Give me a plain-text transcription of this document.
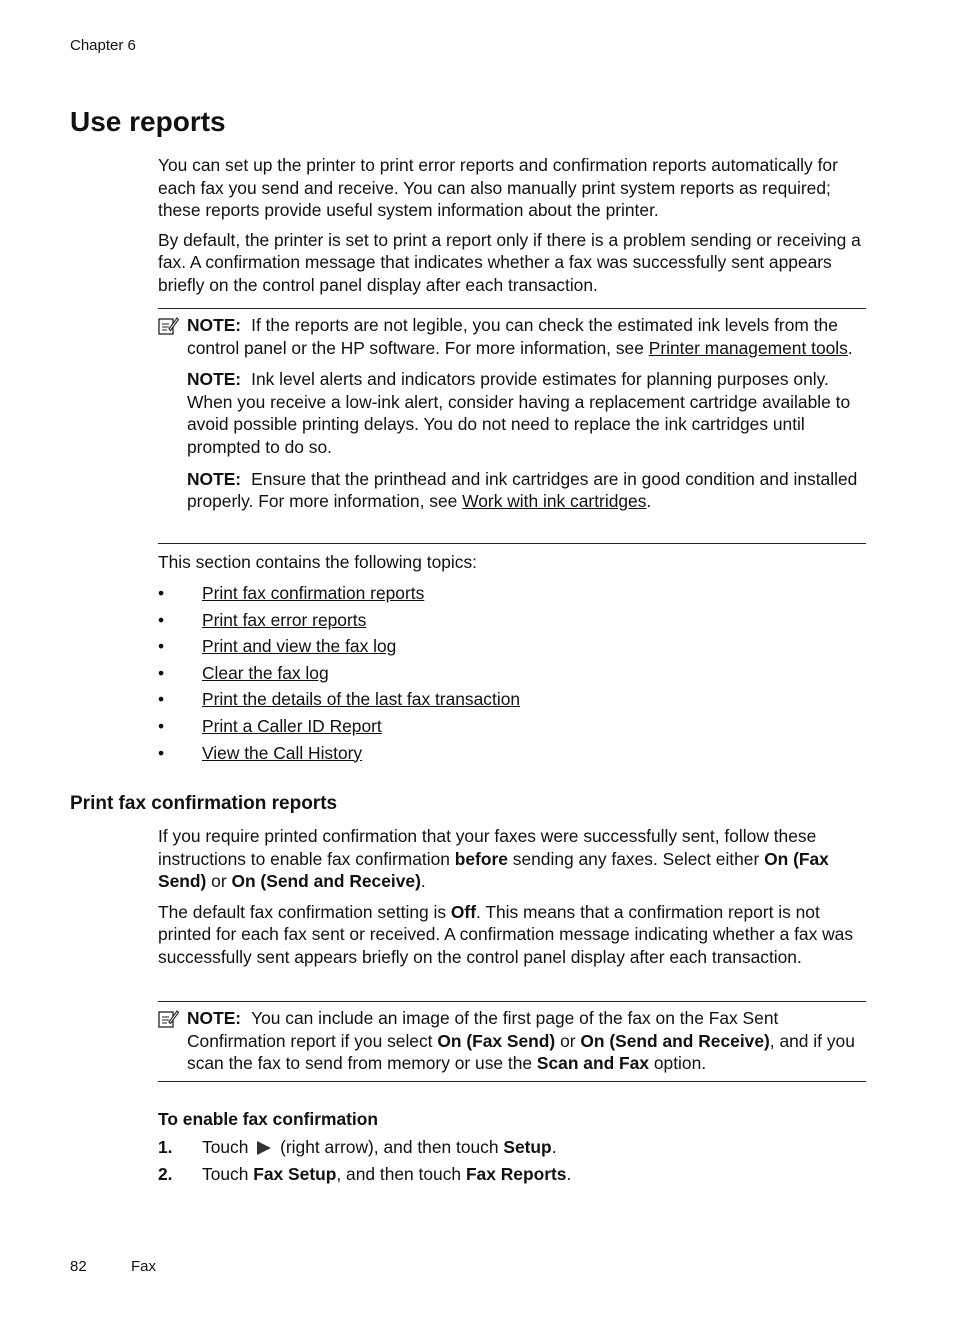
Chapter 6
Use reports

You can set up the printer to print error reports and confirmation reports automatically for each fax you send and receive. You can also manually print system reports as required; these reports provide useful system information about the printer.

By default, the printer is set to print a report only if there is a problem sending or receiving a fax. A confirmation message that indicates whether a fax was successfully sent appears briefly on the control panel display after each transaction.

NOTE: If the reports are not legible, you can check the estimated ink levels from the control panel or the HP software. For more information, see Printer management tools.

NOTE: Ink level alerts and indicators provide estimates for planning purposes only. When you receive a low-ink alert, consider having a replacement cartridge available to avoid possible printing delays. You do not need to replace the ink cartridges until prompted to do so.

NOTE: Ensure that the printhead and ink cartridges are in good condition and installed properly. For more information, see Work with ink cartridges.

This section contains the following topics:
• Print fax confirmation reports
• Print fax error reports
• Print and view the fax log
• Clear the fax log
• Print the details of the last fax transaction
• Print a Caller ID Report
• View the Call History
Print fax confirmation reports

If you require printed confirmation that your faxes were successfully sent, follow these instructions to enable fax confirmation before sending any faxes. Select either On (Fax Send) or On (Send and Receive).

The default fax confirmation setting is Off. This means that a confirmation report is not printed for each fax sent or received. A confirmation message indicating whether a fax was successfully sent appears briefly on the control panel display after each transaction.

NOTE: You can include an image of the first page of the fax on the Fax Sent Confirmation report if you select On (Fax Send) or On (Send and Receive), and if you scan the fax to send from memory or use the Scan and Fax option.

To enable fax confirmation
1. Touch  (right arrow), and then touch Setup.
2. Touch Fax Setup, and then touch Fax Reports.
82	Fax
